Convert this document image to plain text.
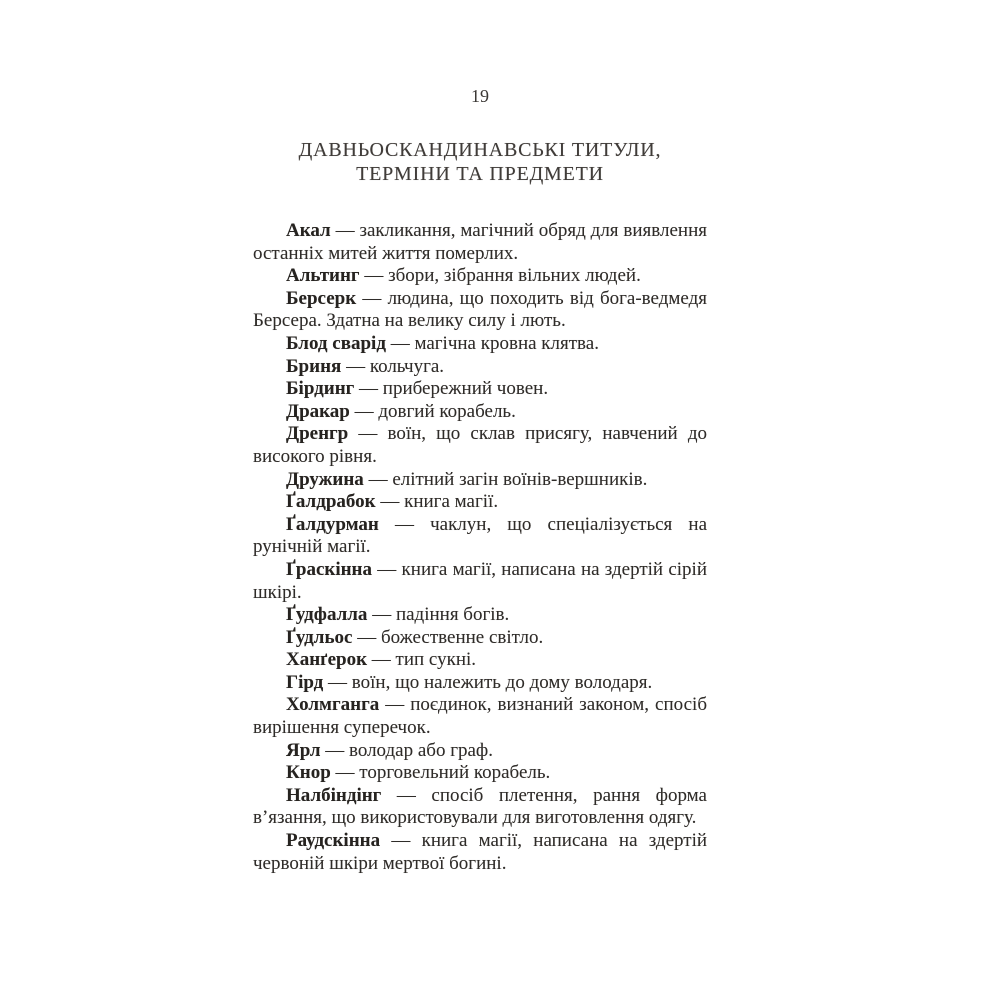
19
ДАВНЬОСКАНДИНАВСЬКІ ТИТУЛИ,
ТЕРМІНИ ТА ПРЕДМЕТИ

Акал — закликання, магічний обряд для виявлення останніх митей життя померлих.

Альтинг — збори, зібрання вільних людей.

Берсерк — людина, що походить від бога-ведмедя Берсера. Здатна на велику силу і лють.

Блод сварід — магічна кровна клятва.

Бриня — кольчуга.

Бірдинг — прибережний човен.

Дракар — довгий корабель.

Дренгр — воїн, що склав присягу, навчений до високого рівня.

Дружина — елітний загін воїнів-вершників.

Ґалдрабок — книга магії.

Ґалдурман — чаклун, що спеціалізується на рунічній магії.

Ґраскінна — книга магії, написана на здертій сірій шкірі.

Ґудфалла — падіння богів.

Ґудльос — божественне світло.

Ханґерок — тип сукні.

Гірд — воїн, що належить до дому володаря.

Холмганга — поєдинок, визнаний законом, спосіб вирішення суперечок.

Ярл — володар або граф.

Кнор — торговельний корабель.

Налбіндінг — спосіб плетення, рання форма в’язання, що використовували для виготовлення одягу.

Раудскінна — книга магії, написана на здертій червоній шкіри мертвої богині.
